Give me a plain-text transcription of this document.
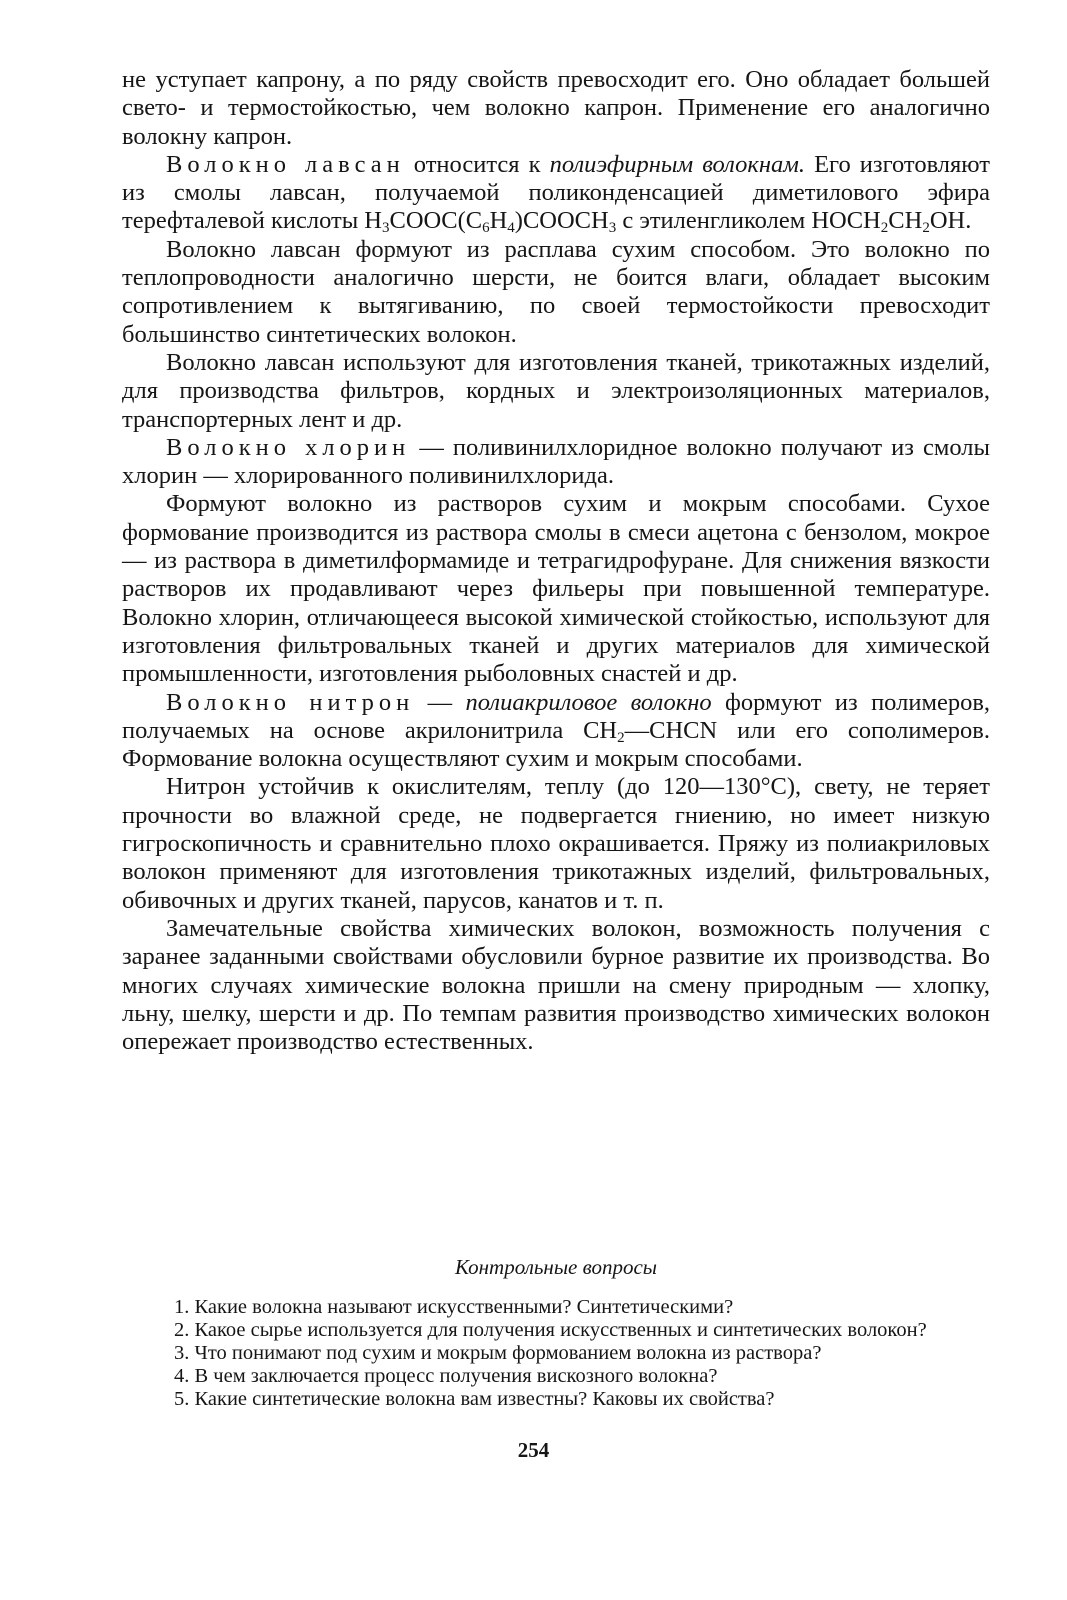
не уступает капрону, а по ряду свойств превосходит его. Оно обладает большей свето- и термостойкостью, чем волокно капрон. Применение его аналогично волокну капрон.

Волокно лавсан относится к полиэфирным волокнам. Его изготовляют из смолы лавсан, получаемой поликонденсацией диметилового эфира терефталевой кислоты $H_3COOC(C_6H_4)COOCH_3$ с этиленгликолем $HOCH_2CH_2OH$.

Волокно лавсан формуют из расплава сухим способом. Это волокно по теплопроводности аналогично шерсти, не боится влаги, обладает высоким сопротивлением к вытягиванию, по своей термостойкости превосходит большинство синтетических волокон.

Волокно лавсан используют для изготовления тканей, трикотажных изделий, для производства фильтров, кордных и электроизоляционных материалов, транспортерных лент и др.

Волокно хлорин — поливинилхлоридное волокно получают из смолы хлорин — хлорированного поливинилхлорида.

Формуют волокно из растворов сухим и мокрым способами. Сухое формование производится из раствора смолы в смеси ацетона с бензолом, мокрое — из раствора в диметилформамиде и тетрагидрофуране. Для снижения вязкости растворов их продавливают через фильеры при повышенной температуре. Волокно хлорин, отличающееся высокой химической стойкостью, используют для изготовления фильтровальных тканей и других материалов для химической промышленности, изготовления рыболовных снастей и др.

Волокно нитрон — полиакриловое волокно формуют из полимеров, получаемых на основе акрилонитрила $CH_2—CHCN$ или его сополимеров. Формование волокна осуществляют сухим и мокрым способами.

Нитрон устойчив к окислителям, теплу (до 120—130°C), свету, не теряет прочности во влажной среде, не подвергается гниению, но имеет низкую гигроскопичность и сравнительно плохо окрашивается. Пряжу из полиакриловых волокон применяют для изготовления трикотажных изделий, фильтровальных, обивочных и других тканей, парусов, канатов и т. п.

Замечательные свойства химических волокон, возможность получения с заранее заданными свойствами обусловили бурное развитие их производства. Во многих случаях химические волокна пришли на смену природным — хлопку, льну, шелку, шерсти и др. По темпам развития производство химических волокон опережает производство естественных.

Контрольные вопросы

1. Какие волокна называют искусственными? Синтетическими?

2. Какое сырье используется для получения искусственных и синтетических волокон?

3. Что понимают под сухим и мокрым формованием волокна из раствора?

4. В чем заключается процесс получения вискозного волокна?

5. Какие синтетические волокна вам известны? Каковы их свойства?

254
